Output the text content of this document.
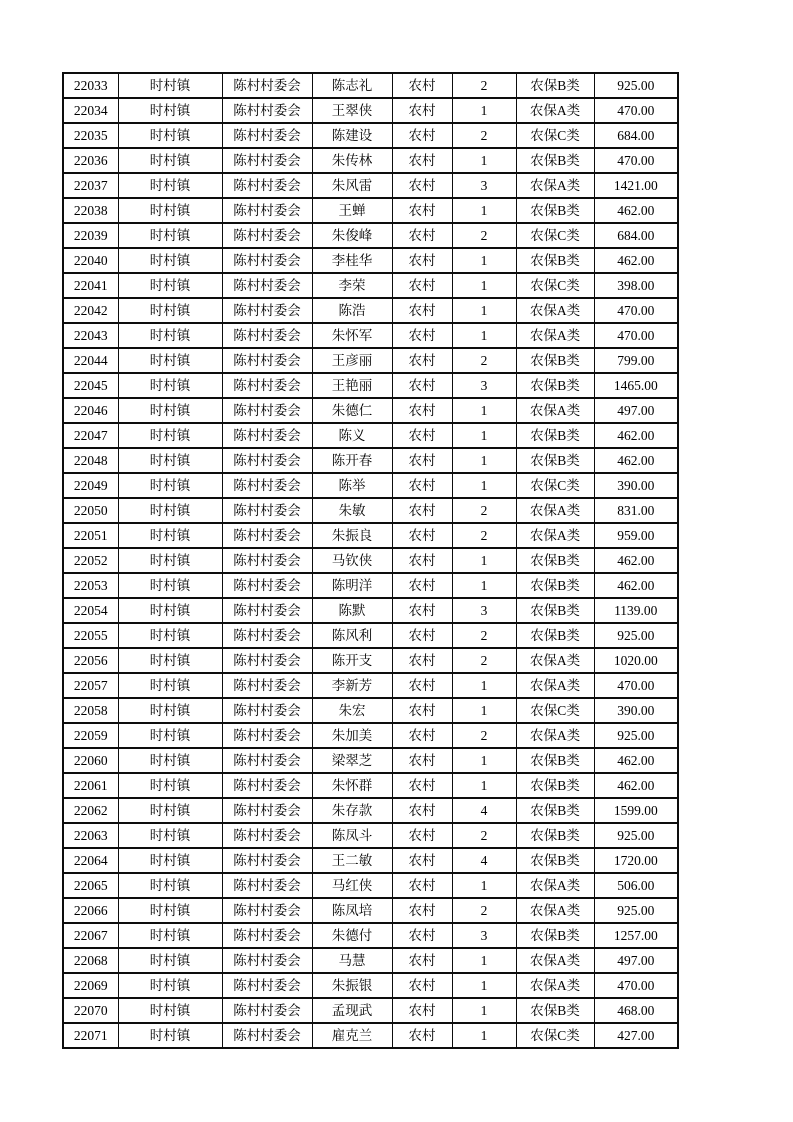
22033	时村镇	陈村村委会	陈志礼	农村	2	农保B类	925.00
22034	时村镇	陈村村委会	王翠侠	农村	1	农保A类	470.00
22035	时村镇	陈村村委会	陈建设	农村	2	农保C类	684.00
22036	时村镇	陈村村委会	朱传林	农村	1	农保B类	470.00
22037	时村镇	陈村村委会	朱风雷	农村	3	农保A类	1421.00
22038	时村镇	陈村村委会	王蝉	农村	1	农保B类	462.00
22039	时村镇	陈村村委会	朱俊峰	农村	2	农保C类	684.00
22040	时村镇	陈村村委会	李桂华	农村	1	农保B类	462.00
22041	时村镇	陈村村委会	李荣	农村	1	农保C类	398.00
22042	时村镇	陈村村委会	陈浩	农村	1	农保A类	470.00
22043	时村镇	陈村村委会	朱怀军	农村	1	农保A类	470.00
22044	时村镇	陈村村委会	王彦丽	农村	2	农保B类	799.00
22045	时村镇	陈村村委会	王艳丽	农村	3	农保B类	1465.00
22046	时村镇	陈村村委会	朱德仁	农村	1	农保A类	497.00
22047	时村镇	陈村村委会	陈义	农村	1	农保B类	462.00
22048	时村镇	陈村村委会	陈开春	农村	1	农保B类	462.00
22049	时村镇	陈村村委会	陈举	农村	1	农保C类	390.00
22050	时村镇	陈村村委会	朱敏	农村	2	农保A类	831.00
22051	时村镇	陈村村委会	朱振良	农村	2	农保A类	959.00
22052	时村镇	陈村村委会	马钦侠	农村	1	农保B类	462.00
22053	时村镇	陈村村委会	陈明洋	农村	1	农保B类	462.00
22054	时村镇	陈村村委会	陈默	农村	3	农保B类	1139.00
22055	时村镇	陈村村委会	陈风利	农村	2	农保B类	925.00
22056	时村镇	陈村村委会	陈开支	农村	2	农保A类	1020.00
22057	时村镇	陈村村委会	李新芳	农村	1	农保A类	470.00
22058	时村镇	陈村村委会	朱宏	农村	1	农保C类	390.00
22059	时村镇	陈村村委会	朱加美	农村	2	农保A类	925.00
22060	时村镇	陈村村委会	梁翠芝	农村	1	农保B类	462.00
22061	时村镇	陈村村委会	朱怀群	农村	1	农保B类	462.00
22062	时村镇	陈村村委会	朱存款	农村	4	农保B类	1599.00
22063	时村镇	陈村村委会	陈凤斗	农村	2	农保B类	925.00
22064	时村镇	陈村村委会	王二敏	农村	4	农保B类	1720.00
22065	时村镇	陈村村委会	马红侠	农村	1	农保A类	506.00
22066	时村镇	陈村村委会	陈凤培	农村	2	农保A类	925.00
22067	时村镇	陈村村委会	朱德付	农村	3	农保B类	1257.00
22068	时村镇	陈村村委会	马慧	农村	1	农保A类	497.00
22069	时村镇	陈村村委会	朱振银	农村	1	农保A类	470.00
22070	时村镇	陈村村委会	孟现武	农村	1	农保B类	468.00
22071	时村镇	陈村村委会	雇克兰	农村	1	农保C类	427.00
